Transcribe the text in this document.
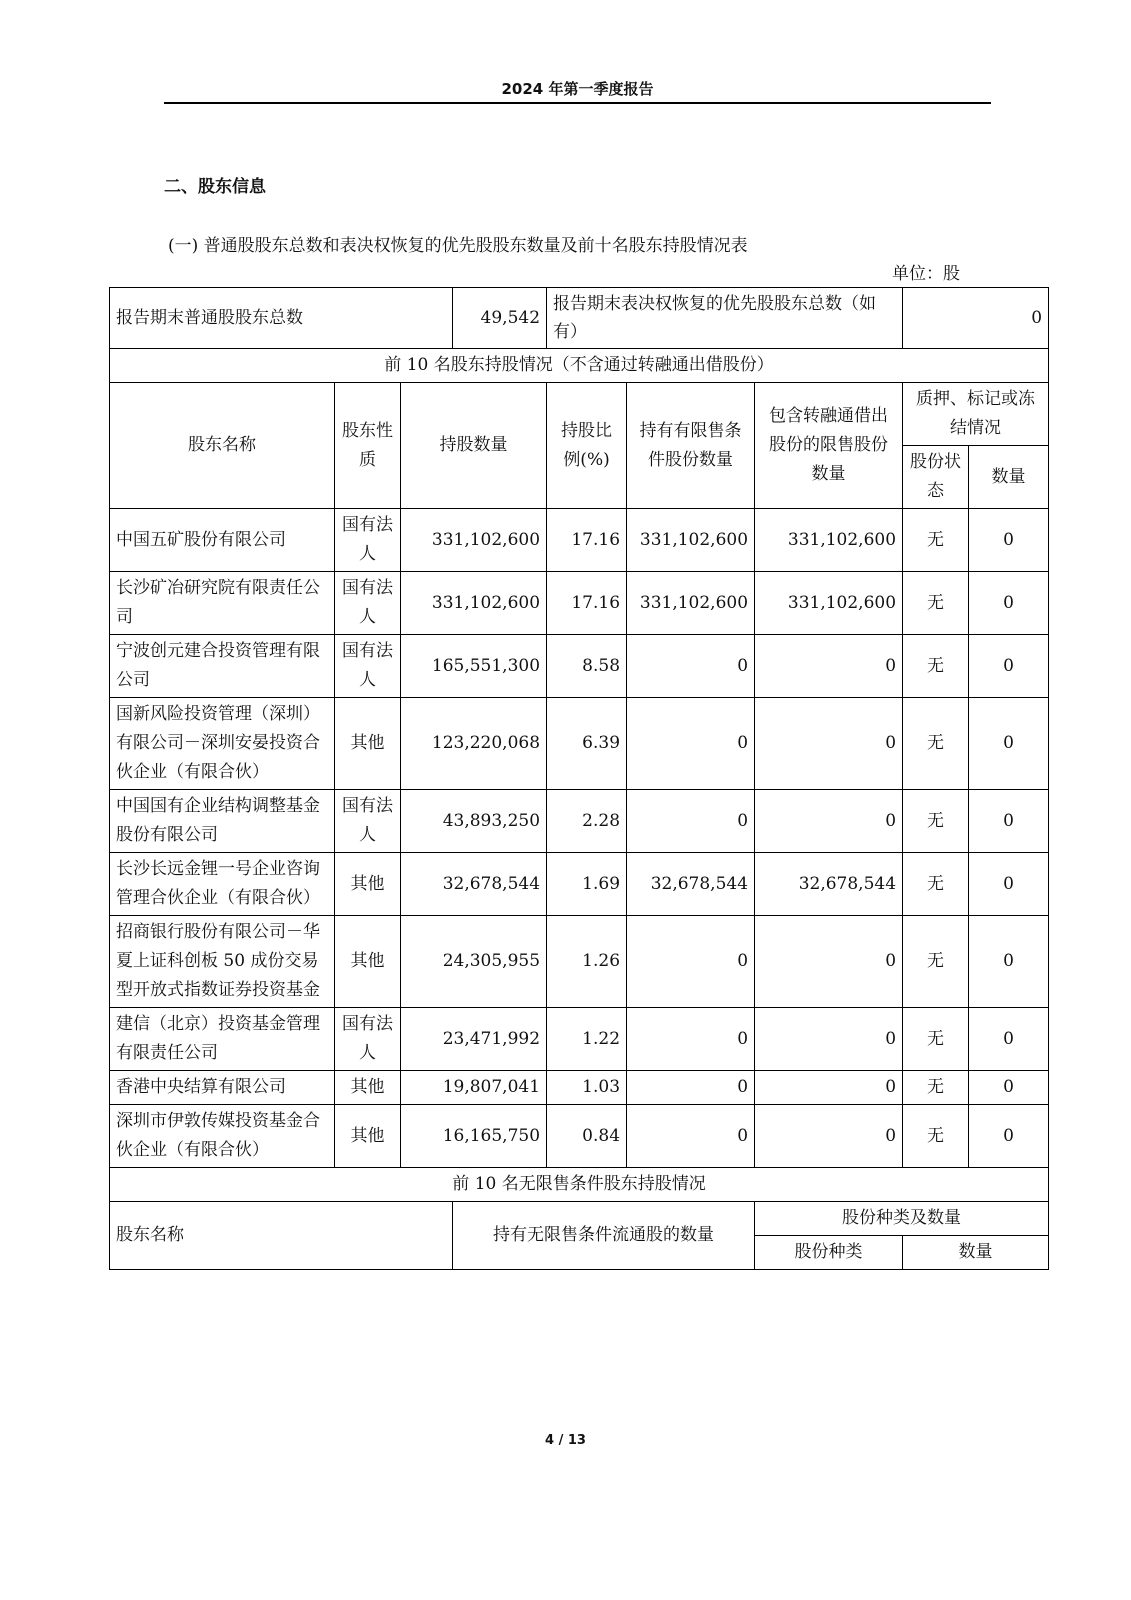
2024 年第一季度报告
二、股东信息
(一) 普通股股东总数和表决权恢复的优先股股东数量及前十名股东持股情况表
单位：股
报告期末普通股股东总数			49,542	报告期末表决权恢复的优先股股东总数（如有）			0	
前 10 名股东持股情况（不含通过转融通出借股份）								
股东名称	股东性质	持股数量		持股比例(%)	持有有限售条件股份数量	包含转融通借出股份的限售股份数量	质押、标记或冻结情况	
							股份状态	数量
中国五矿股份有限公司	国有法人	331,102,600		17.16	331,102,600	331,102,600	无	0
长沙矿冶研究院有限责任公司	国有法人	331,102,600		17.16	331,102,600	331,102,600	无	0
宁波创元建合投资管理有限公司	国有法人	165,551,300		8.58	0	0	无	0
国新风险投资管理（深圳）有限公司－深圳安晏投资合伙企业（有限合伙）	其他	123,220,068		6.39	0	0	无	0
中国国有企业结构调整基金股份有限公司	国有法人	43,893,250		2.28	0	0	无	0
长沙长远金锂一号企业咨询管理合伙企业（有限合伙）	其他	32,678,544		1.69	32,678,544	32,678,544	无	0
招商银行股份有限公司－华夏上证科创板 50 成份交易型开放式指数证券投资基金	其他	24,305,955		1.26	0	0	无	0
建信（北京）投资基金管理有限责任公司	国有法人	23,471,992		1.22	0	0	无	0
香港中央结算有限公司	其他	19,807,041		1.03	0	0	无	0
深圳市伊敦传媒投资基金合伙企业（有限合伙）	其他	16,165,750		0.84	0	0	无	0
前 10 名无限售条件股东持股情况								
股东名称			持有无限售条件流通股的数量			股份种类及数量		
						股份种类	数量	
4 / 13
